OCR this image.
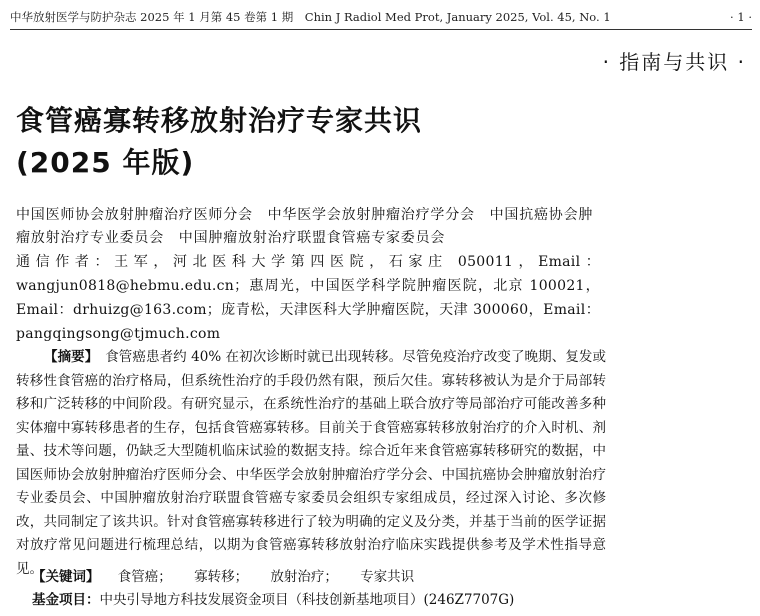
中华放射医学与防护杂志 2025 年 1 月第 45 卷第 1 期　Chin J Radiol Med Prot, January 2025, Vol. 45, No. 1	· 1 ·
· 指南与共识 ·
食管癌寡转移放射治疗专家共识
(2025 年版)
中国医师协会放射肿瘤治疗医师分会　中华医学会放射肿瘤治疗学分会　中国抗癌协会肿瘤放射治疗专业委员会　中国肿瘤放射治疗联盟食管癌专家委员会
通信作者：王军，河北医科大学第四医院，石家庄 050011，Email：wangjun0818@hebmu.edu.cn；惠周光，中国医学科学院肿瘤医院，北京 100021，Email：drhuizg@163.com；庞青松，天津医科大学肿瘤医院，天津 300060，Email：pangqingsong@tjmuch.com
【摘要】　食管癌患者约 40% 在初次诊断时就已出现转移。尽管免疫治疗改变了晚期、复发或转移性食管癌的治疗格局，但系统性治疗的手段仍然有限，预后欠佳。寡转移被认为是介于局部转移和广泛转移的中间阶段。有研究显示，在系统性治疗的基础上联合放疗等局部治疗可能改善多种实体瘤中寡转移患者的生存，包括食管癌寡转移。目前关于食管癌寡转移放射治疗的介入时机、剂量、技术等问题，仍缺乏大型随机临床试验的数据支持。综合近年来食管癌寡转移研究的数据，中国医师协会放射肿瘤治疗医师分会、中华医学会放射肿瘤治疗学分会、中国抗癌协会肿瘤放射治疗专业委员会、中国肿瘤放射治疗联盟食管癌专家委员会组织专家组成员，经过深入讨论、多次修改，共同制定了该共识。针对食管癌寡转移进行了较为明确的定义及分类，并基于当前的医学证据对放疗常见问题进行梳理总结，以期为食管癌寡转移放射治疗临床实践提供参考及学术性指导意见。
【关键词】 食管癌； 寡转移； 放射治疗； 专家共识
基金项目：中央引导地方科技发展资金项目（科技创新基地项目）(246Z7707G)
